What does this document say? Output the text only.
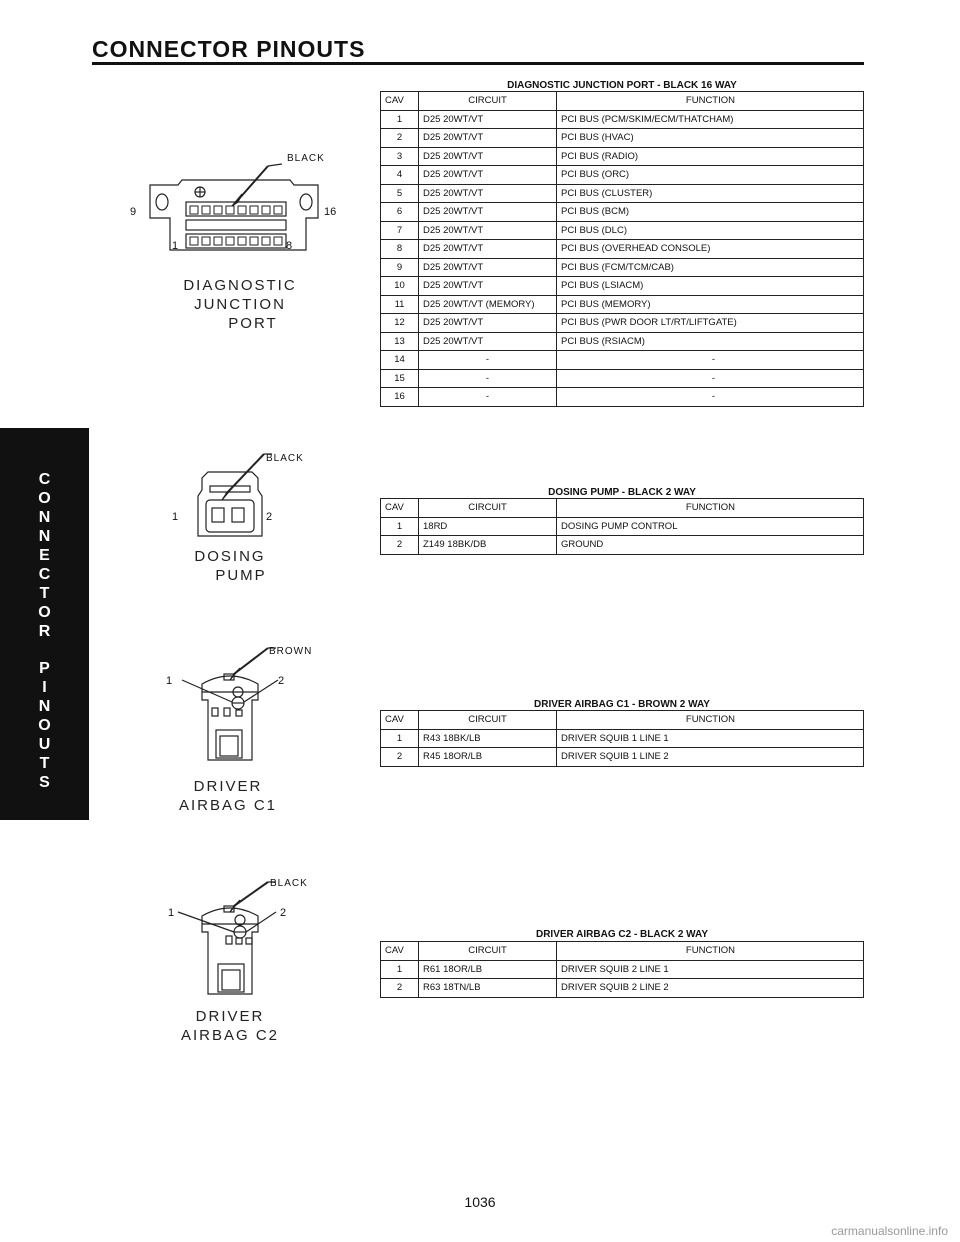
CONNECTOR PINOUTS
C
O
N
N
E
C
T
O
R
P
I
N
O
U
T
S
BLACK
9	16
1	8
DIAGNOSTIC
JUNCTION
PORT
DIAGNOSTIC JUNCTION PORT - BLACK 16 WAY
CAV	CIRCUIT	FUNCTION
1	D25 20WT/VT	PCI BUS (PCM/SKIM/ECM/THATCHAM)
2	D25 20WT/VT	PCI BUS (HVAC)
3	D25 20WT/VT	PCI BUS (RADIO)
4	D25 20WT/VT	PCI BUS (ORC)
5	D25 20WT/VT	PCI BUS (CLUSTER)
6	D25 20WT/VT	PCI BUS (BCM)
7	D25 20WT/VT	PCI BUS (DLC)
8	D25 20WT/VT	PCI BUS (OVERHEAD CONSOLE)
9	D25 20WT/VT	PCI BUS (FCM/TCM/CAB)
10	D25 20WT/VT	PCI BUS (LSIACM)
11	D25 20WT/VT (MEMORY)	PCI BUS (MEMORY)
12	D25 20WT/VT	PCI BUS (PWR DOOR LT/RT/LIFTGATE)
13	D25 20WT/VT	PCI BUS (RSIACM)
14	-	-
15	-	-
16	-	-
BLACK
1	2
DOSING
PUMP
DOSING PUMP - BLACK 2 WAY
CAV	CIRCUIT	FUNCTION
1	18RD	DOSING PUMP CONTROL
2	Z149 18BK/DB	GROUND
BROWN
1	2
DRIVER
AIRBAG C1
DRIVER AIRBAG C1 - BROWN 2 WAY
CAV	CIRCUIT	FUNCTION
1	R43 18BK/LB	DRIVER SQUIB 1 LINE 1
2	R45 18OR/LB	DRIVER SQUIB 1 LINE 2
BLACK
1	2
DRIVER
AIRBAG C2
DRIVER AIRBAG C2 - BLACK 2 WAY
CAV	CIRCUIT	FUNCTION
1	R61 18OR/LB	DRIVER SQUIB 2 LINE 1
2	R63 18TN/LB	DRIVER SQUIB 2 LINE 2
1036
carmanualsonline.info
